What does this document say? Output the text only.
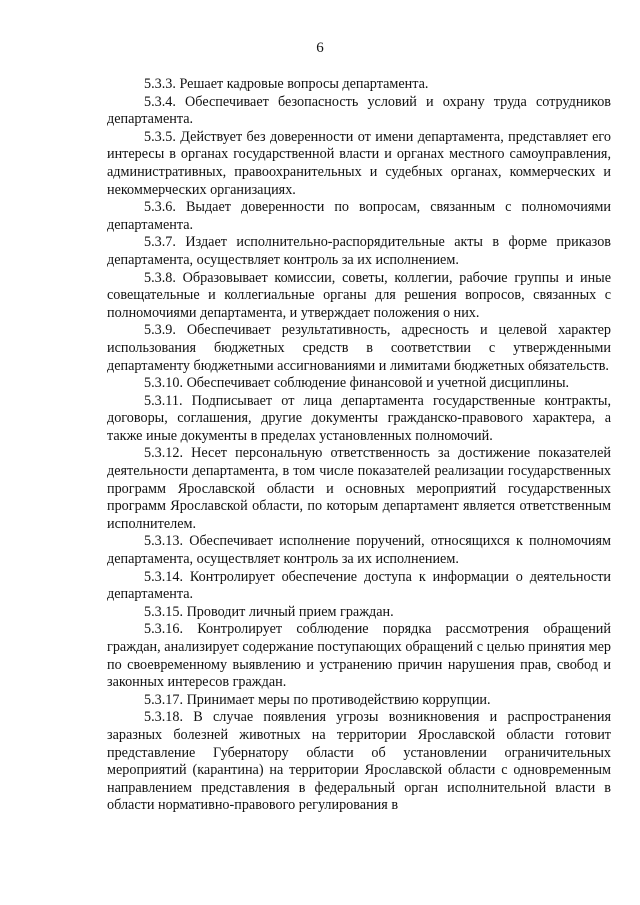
6

5.3.3. Решает кадровые вопросы департамента.

5.3.4. Обеспечивает безопасность условий и охрану труда сотрудников департамента.

5.3.5. Действует без доверенности от имени департамента, представляет его интересы в органах государственной власти и органах местного самоуправления, административных, правоохранительных и судебных органах, коммерческих и некоммерческих организациях.

5.3.6. Выдает доверенности по вопросам, связанным с полномочиями департамента.

5.3.7. Издает исполнительно-распорядительные акты в форме приказов департамента, осуществляет контроль за их исполнением.

5.3.8. Образовывает комиссии, советы, коллегии, рабочие группы и иные совещательные и коллегиальные органы для решения вопросов, связанных с полномочиями департамента, и утверждает положения о них.

5.3.9. Обеспечивает результативность, адресность и целевой характер использования бюджетных средств в соответствии с утвержденными департаменту бюджетными ассигнованиями и лимитами бюджетных обязательств.

5.3.10. Обеспечивает соблюдение финансовой и учетной дисциплины.

5.3.11. Подписывает от лица департамента государственные контракты, договоры, соглашения, другие документы гражданско-правового характера, а также иные документы в пределах установленных полномочий.

5.3.12. Несет персональную ответственность за достижение показателей деятельности департамента, в том числе показателей реализации государственных программ Ярославской области и основных мероприятий государственных программ Ярославской области, по которым департамент является ответственным исполнителем.

5.3.13. Обеспечивает исполнение поручений, относящихся к полномочиям департамента, осуществляет контроль за их исполнением.

5.3.14. Контролирует обеспечение доступа к информации о деятельности департамента.

5.3.15. Проводит личный прием граждан.

5.3.16. Контролирует соблюдение порядка рассмотрения обращений граждан, анализирует содержание поступающих обращений с целью принятия мер по своевременному выявлению и устранению причин нарушения прав, свобод и законных интересов граждан.

5.3.17. Принимает меры по противодействию коррупции.

5.3.18. В случае появления угрозы возникновения и распространения заразных болезней животных на территории Ярославской области готовит представление Губернатору области об установлении ограничительных мероприятий (карантина) на территории Ярославской области с одновременным направлением представления в федеральный орган исполнительной власти в области нормативно-правового регулирования в
